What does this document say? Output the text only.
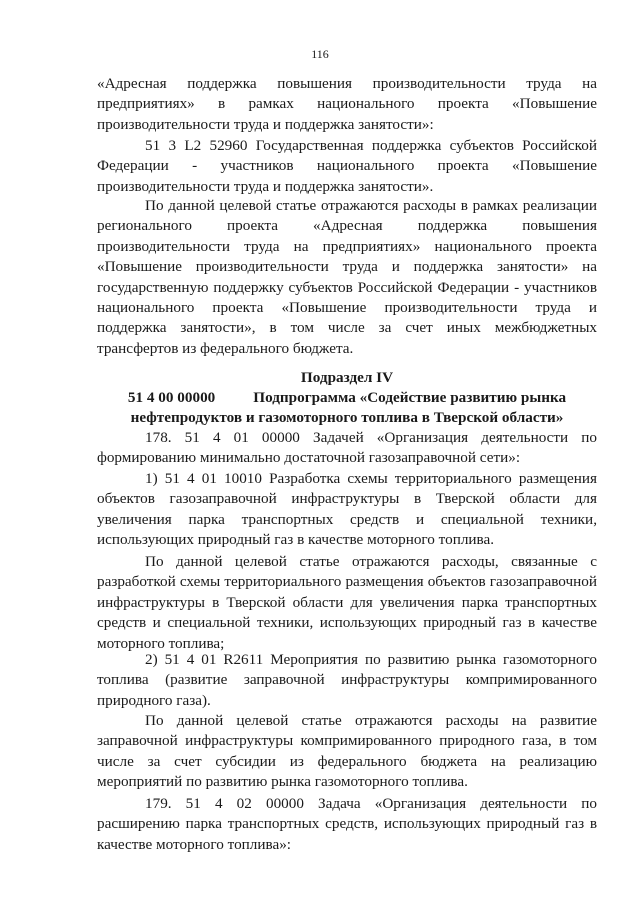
116

«Адресная поддержка повышения производительности труда на предприятиях» в рамках национального проекта «Повышение производительности труда и поддержка занятости»:

51 3 L2 52960 Государственная поддержка субъектов Российской Федерации - участников национального проекта «Повышение производительности труда и поддержка занятости».

По данной целевой статье отражаются расходы в рамках реализации регионального проекта «Адресная поддержка повышения производительности труда на предприятиях» национального проекта «Повышение производительности труда и поддержка занятости» на государственную поддержку субъектов Российской Федерации - участников национального проекта «Повышение производительности труда и поддержка занятости», в том числе за счет иных межбюджетных трансфертов из федерального бюджета.

Подраздел IV
51 4 00 00000	Подпрограмма «Содействие развитию рынка
нефтепродуктов и газомоторного топлива в Тверской области»

178. 51 4 01 00000 Задачей «Организация деятельности по формированию минимально достаточной газозаправочной сети»:

1) 51 4 01 10010 Разработка схемы территориального размещения объектов газозаправочной инфраструктуры в Тверской области для увеличения парка транспортных средств и специальной техники, использующих природный газ в качестве моторного топлива.

По данной целевой статье отражаются расходы, связанные с разработкой схемы территориального размещения объектов газозаправочной инфраструктуры в Тверской области для увеличения парка транспортных средств и специальной техники, использующих природный газ в качестве моторного топлива;

2) 51 4 01 R2611 Мероприятия по развитию рынка газомоторного топлива (развитие заправочной инфраструктуры компримированного природного газа).

По данной целевой статье отражаются расходы на развитие заправочной инфраструктуры компримированного природного газа, в том числе за счет субсидии из федерального бюджета на реализацию мероприятий по развитию рынка газомоторного топлива.

179. 51 4 02 00000 Задача «Организация деятельности по расширению парка транспортных средств, использующих природный газ в качестве моторного топлива»:
